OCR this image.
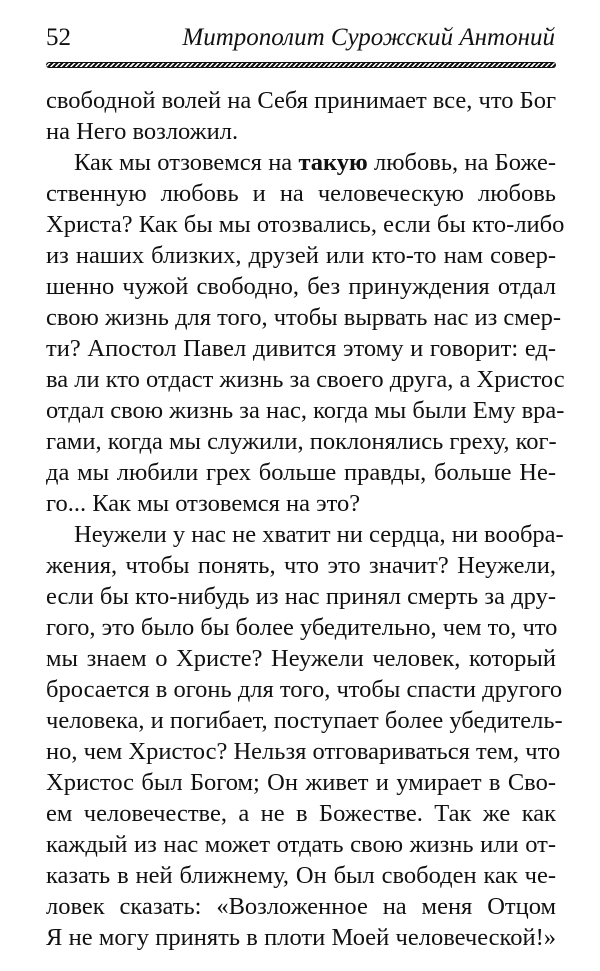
52	Митрополит Сурожский Антоний
свободной волей на Себя принимает все, что Бог
на Него возложил.
Как мы отзовемся на такую любовь, на Боже-
ственную любовь и на человеческую любовь
Христа? Как бы мы отозвались, если бы кто-либо
из наших близких, друзей или кто-то нам совер-
шенно чужой свободно, без принуждения отдал
свою жизнь для того, чтобы вырвать нас из смер-
ти? Апостол Павел дивится этому и говорит: ед-
ва ли кто отдаст жизнь за своего друга, а Христос
отдал свою жизнь за нас, когда мы были Ему вра-
гами, когда мы служили, поклонялись греху, ког-
да мы любили грех больше правды, больше Не-
го... Как мы отзовемся на это?
Неужели у нас не хватит ни сердца, ни вообра-
жения, чтобы понять, что это значит? Неужели,
если бы кто-нибудь из нас принял смерть за дру-
гого, это было бы более убедительно, чем то, что
мы знаем о Христе? Неужели человек, который
бросается в огонь для того, чтобы спасти другого
человека, и погибает, поступает более убедитель-
но, чем Христос? Нельзя отговариваться тем, что
Христос был Богом; Он живет и умирает в Сво-
ем человечестве, а не в Божестве. Так же как
каждый из нас может отдать свою жизнь или от-
казать в ней ближнему, Он был свободен как че-
ловек сказать: «Возложенное на меня Отцом
Я не могу принять в плоти Моей человеческой!»
